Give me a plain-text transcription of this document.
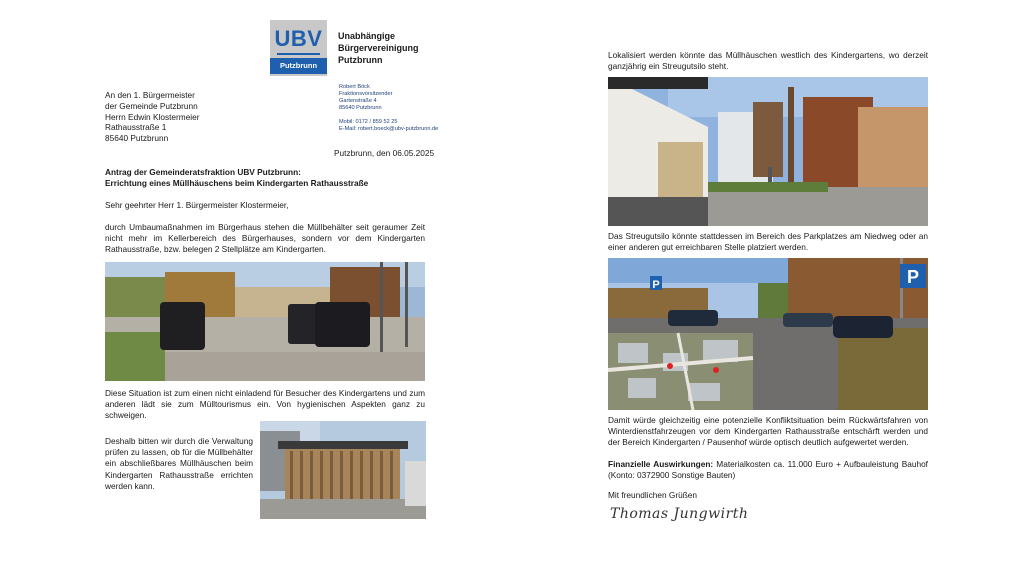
UBV
Putzbrunn
Unabhängige
Bürgervereinigung
Putzbrunn
Robert Böck
Fraktionsvorsitzender
Gartenstraße 4
85640 Putzbrunn
Mobil: 0172 / 859 52 25
E-Mail: robert.boeck@ubv-putzbrunn.de
An den 1. Bürgermeister
der Gemeinde Putzbrunn
Herrn Edwin Klostermeier
Rathausstraße 1
85640 Putzbrunn
Putzbrunn, den 06.05.2025
Antrag der Gemeinderatsfraktion UBV Putzbrunn:
Errichtung eines Müllhäuschens beim Kindergarten Rathausstraße
Sehr geehrter Herr 1. Bürgermeister Klostermeier,
durch Umbaumaßnahmen im Bürgerhaus stehen die Müllbehälter seit geraumer Zeit nicht mehr im Kellerbereich des Bürgerhauses, sondern vor dem Kindergarten Rathausstraße, bzw. belegen 2 Stellplätze am Kindergarten.
Diese Situation ist zum einen nicht einladend für Besucher des Kindergartens und zum anderen lädt sie zum Mülltourismus ein. Von hygienischen Aspekten ganz zu schweigen.
Deshalb bitten wir durch die Verwaltung prüfen zu lassen, ob für die Müllbehälter ein abschließbares Müllhäuschen beim Kindergarten Rathausstraße errichten werden kann.
Lokalisiert werden könnte das Müllhäuschen westlich des Kindergartens, wo derzeit ganzjährig ein Streugutsilo steht.
Das Streugutsilo könnte stattdessen im Bereich des Parkplatzes am Niedweg oder an einer anderen gut erreichbaren Stelle platziert werden.
P
P
Damit würde gleichzeitig eine potenzielle Konfliktsituation beim Rückwärtsfahren von Winterdienstfahrzeugen vor dem Kindergarten Rathausstraße entschärft werden und der Bereich Kindergarten / Pausenhof würde optisch deutlich aufgewertet werden.
Finanzielle Auswirkungen: Materialkosten ca. 11.000 Euro + Aufbauleistung Bauhof (Konto: 0372900 Sonstige Bauten)
Mit freundlichen Grüßen
Thomas Jungwirth
